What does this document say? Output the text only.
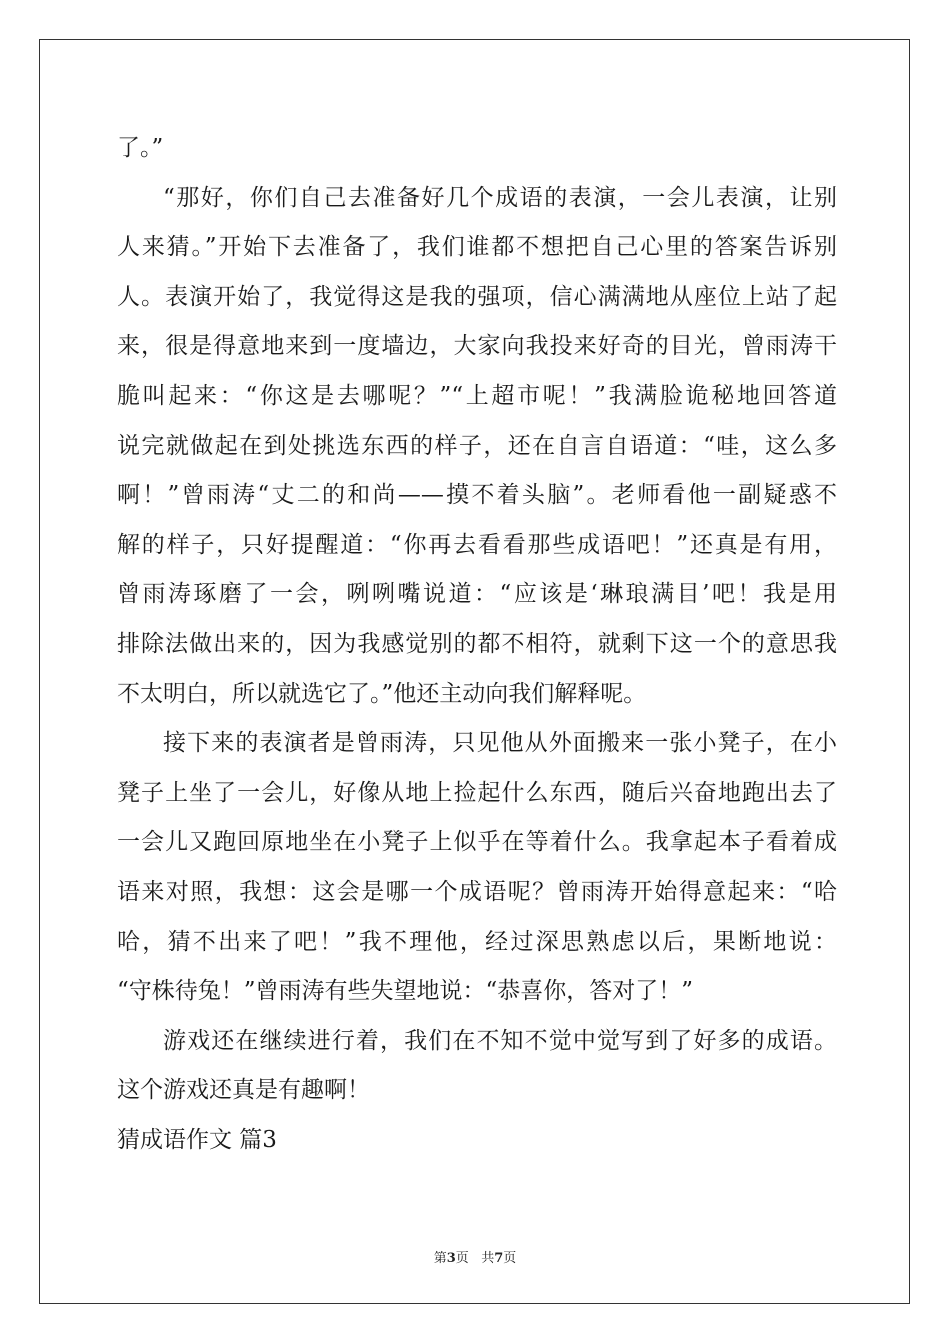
了。”
“那好，你们自己去准备好几个成语的表演，一会儿表演，让别
人来猜。”开始下去准备了，我们谁都不想把自己心里的答案告诉别
人。表演开始了，我觉得这是我的强项，信心满满地从座位上站了起
来，很是得意地来到一度墙边，大家向我投来好奇的目光，曾雨涛干
脆叫起来：“你这是去哪呢？”“上超市呢！”我满脸诡秘地回答道
说完就做起在到处挑选东西的样子，还在自言自语道：“哇，这么多
啊！”曾雨涛“丈二的和尚——摸不着头脑”。老师看他一副疑惑不
解的样子，只好提醒道：“你再去看看那些成语吧！”还真是有用，
曾雨涛琢磨了一会，咧咧嘴说道：“应该是‘琳琅满目’吧！我是用
排除法做出来的，因为我感觉别的都不相符，就剩下这一个的意思我
不太明白，所以就选它了。”他还主动向我们解释呢。
接下来的表演者是曾雨涛，只见他从外面搬来一张小凳子，在小
凳子上坐了一会儿，好像从地上捡起什么东西，随后兴奋地跑出去了
一会儿又跑回原地坐在小凳子上似乎在等着什么。我拿起本子看着成
语来对照，我想：这会是哪一个成语呢？曾雨涛开始得意起来：“哈
哈，猜不出来了吧！”我不理他，经过深思熟虑以后，果断地说：
“守株待兔！”曾雨涛有些失望地说：“恭喜你，答对了！”
游戏还在继续进行着，我们在不知不觉中觉写到了好多的成语。
这个游戏还真是有趣啊！
猜成语作文 篇3
第3页   共7页
